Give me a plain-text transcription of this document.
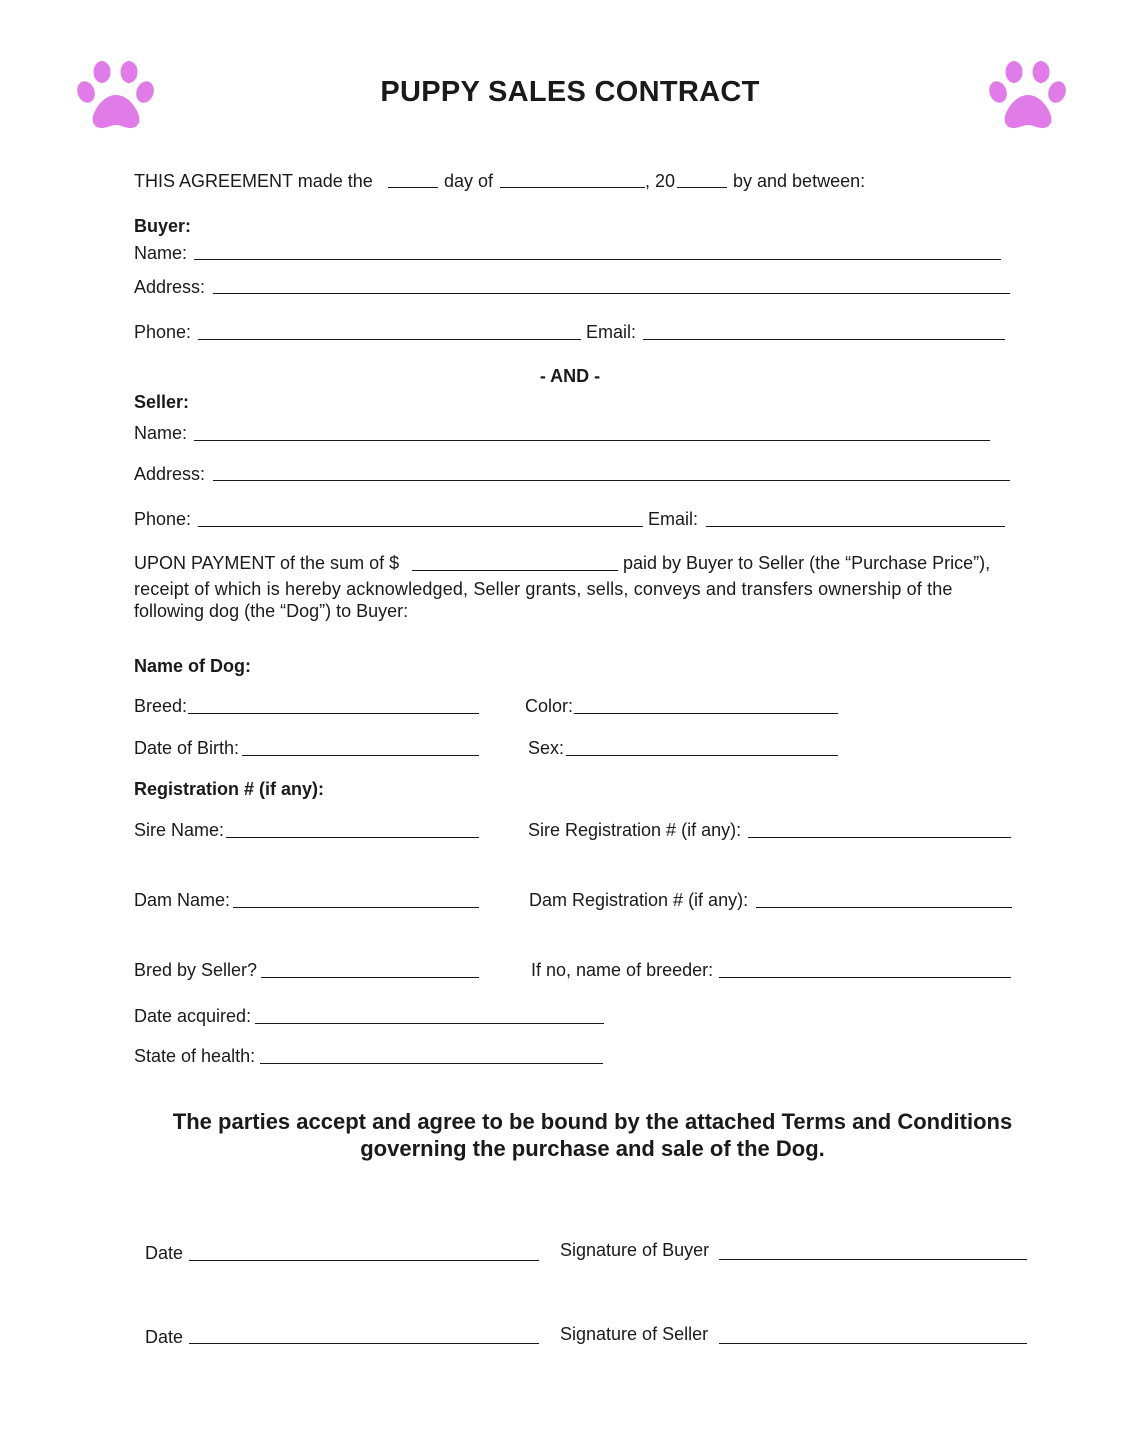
PUPPY SALES CONTRACT
THIS AGREEMENT made the	day of	, 20	by and between:
Buyer:
Name:
Address:
Phone:	Email:
- AND -
Seller:
Name:
Address:
Phone:	Email:
UPON PAYMENT of the sum of $	paid by Buyer to Seller (the “Purchase Price”),
receipt of which is hereby acknowledged, Seller grants, sells, conveys and transfers ownership of the
following dog (the “Dog”) to Buyer:
Name of Dog:
Breed:	Color:
Date of Birth:	Sex:
Registration # (if any):
Sire Name:	Sire Registration # (if any):
Dam Name:	Dam Registration # (if any):
Bred by Seller?	If no, name of breeder:
Date acquired:
State of health:
The parties accept and agree to be bound by the attached Terms and Conditions
governing the purchase and sale of the Dog.
Date	Signature of Buyer
Date	Signature of Seller
